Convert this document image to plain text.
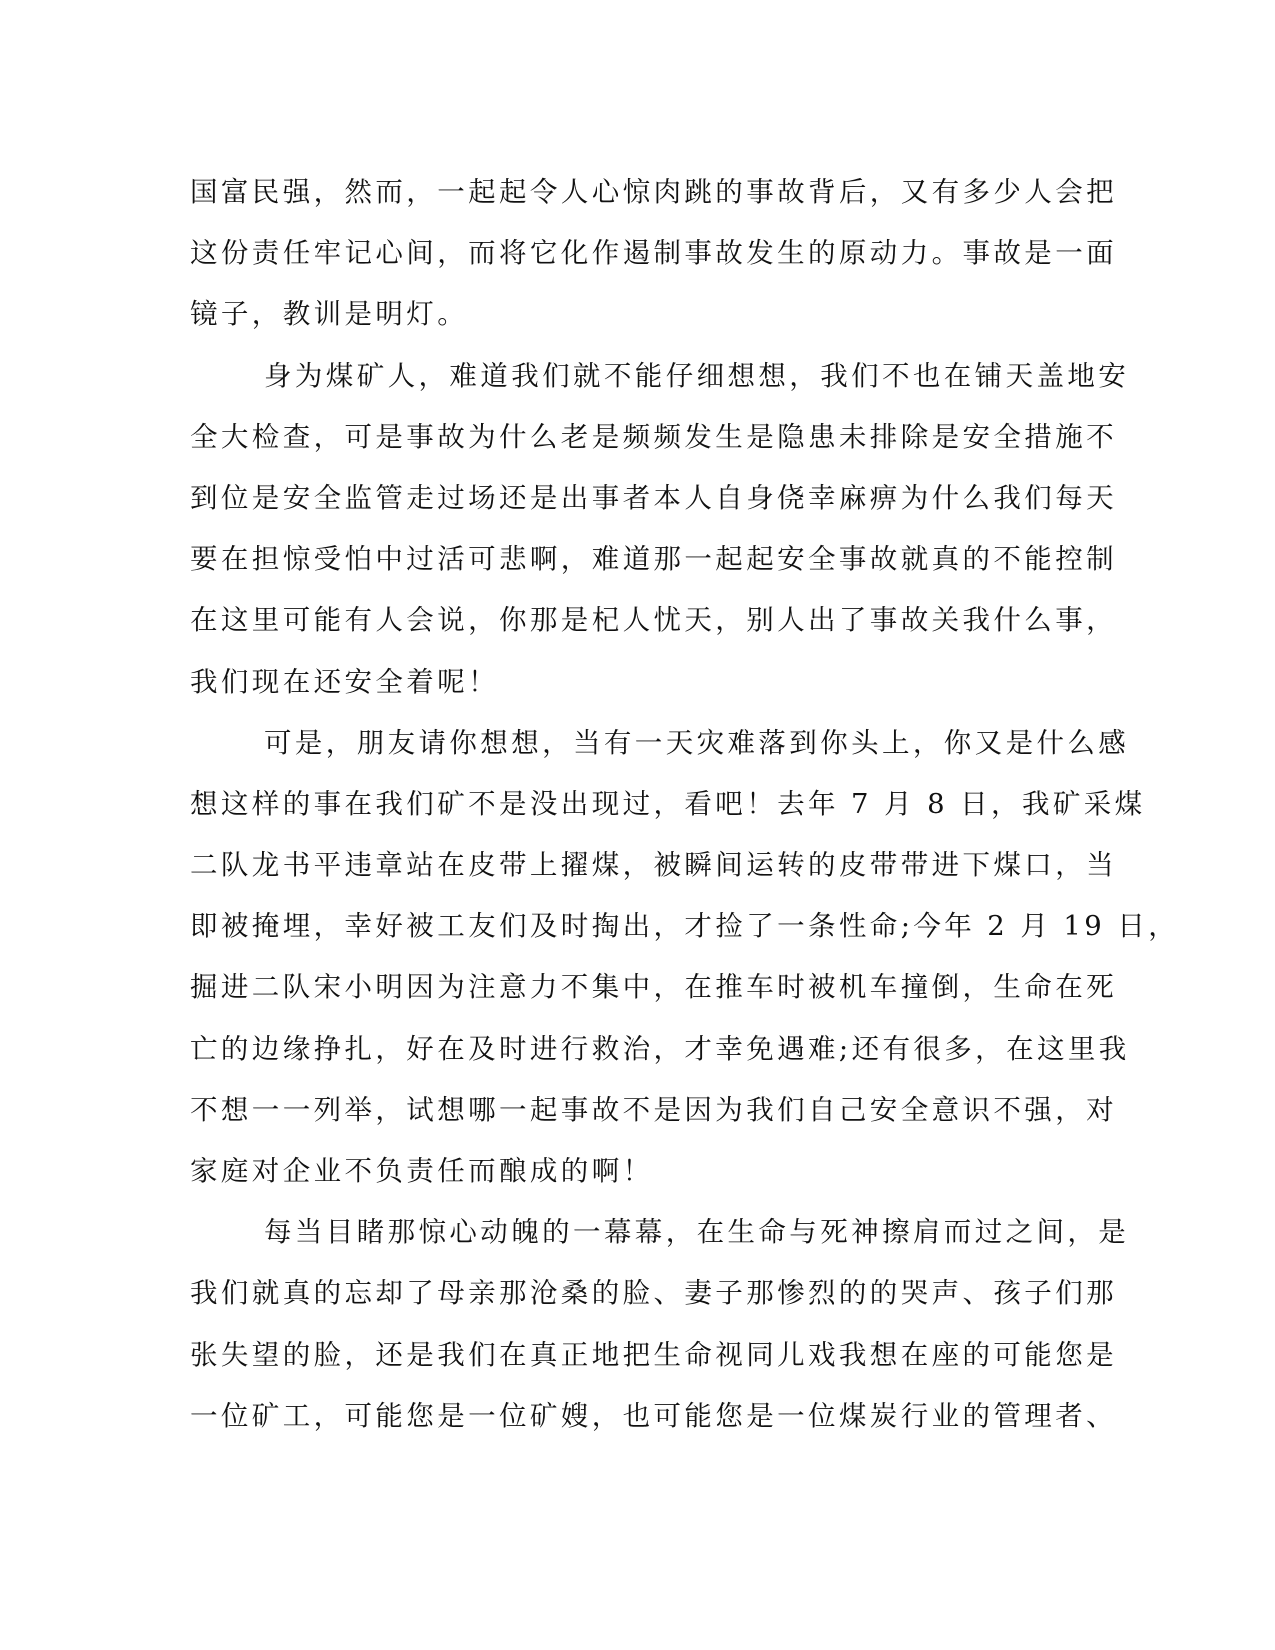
国富民强，然而，一起起令人心惊肉跳的事故背后，又有多少人会把
这份责任牢记心间，而将它化作遏制事故发生的原动力。事故是一面
镜子，教训是明灯。
身为煤矿人，难道我们就不能仔细想想，我们不也在铺天盖地安
全大检查，可是事故为什么老是频频发生是隐患未排除是安全措施不
到位是安全监管走过场还是出事者本人自身侥幸麻痹为什么我们每天
要在担惊受怕中过活可悲啊，难道那一起起安全事故就真的不能控制
在这里可能有人会说，你那是杞人忧天，别人出了事故关我什么事，
我们现在还安全着呢！
可是，朋友请你想想，当有一天灾难落到你头上，你又是什么感
想这样的事在我们矿不是没出现过，看吧！去年 7 月 8 日，我矿采煤
二队龙书平违章站在皮带上擢煤，被瞬间运转的皮带带进下煤口，当
即被掩埋，幸好被工友们及时掏出，才捡了一条性命;今年 2 月 19 日，
掘进二队宋小明因为注意力不集中，在推车时被机车撞倒，生命在死
亡的边缘挣扎，好在及时进行救治，才幸免遇难;还有很多，在这里我
不想一一列举，试想哪一起事故不是因为我们自己安全意识不强，对
家庭对企业不负责任而酿成的啊！
每当目睹那惊心动魄的一幕幕，在生命与死神擦肩而过之间，是
我们就真的忘却了母亲那沧桑的脸、妻子那惨烈的的哭声、孩子们那
张失望的脸，还是我们在真正地把生命视同儿戏我想在座的可能您是
一位矿工，可能您是一位矿嫂，也可能您是一位煤炭行业的管理者、
